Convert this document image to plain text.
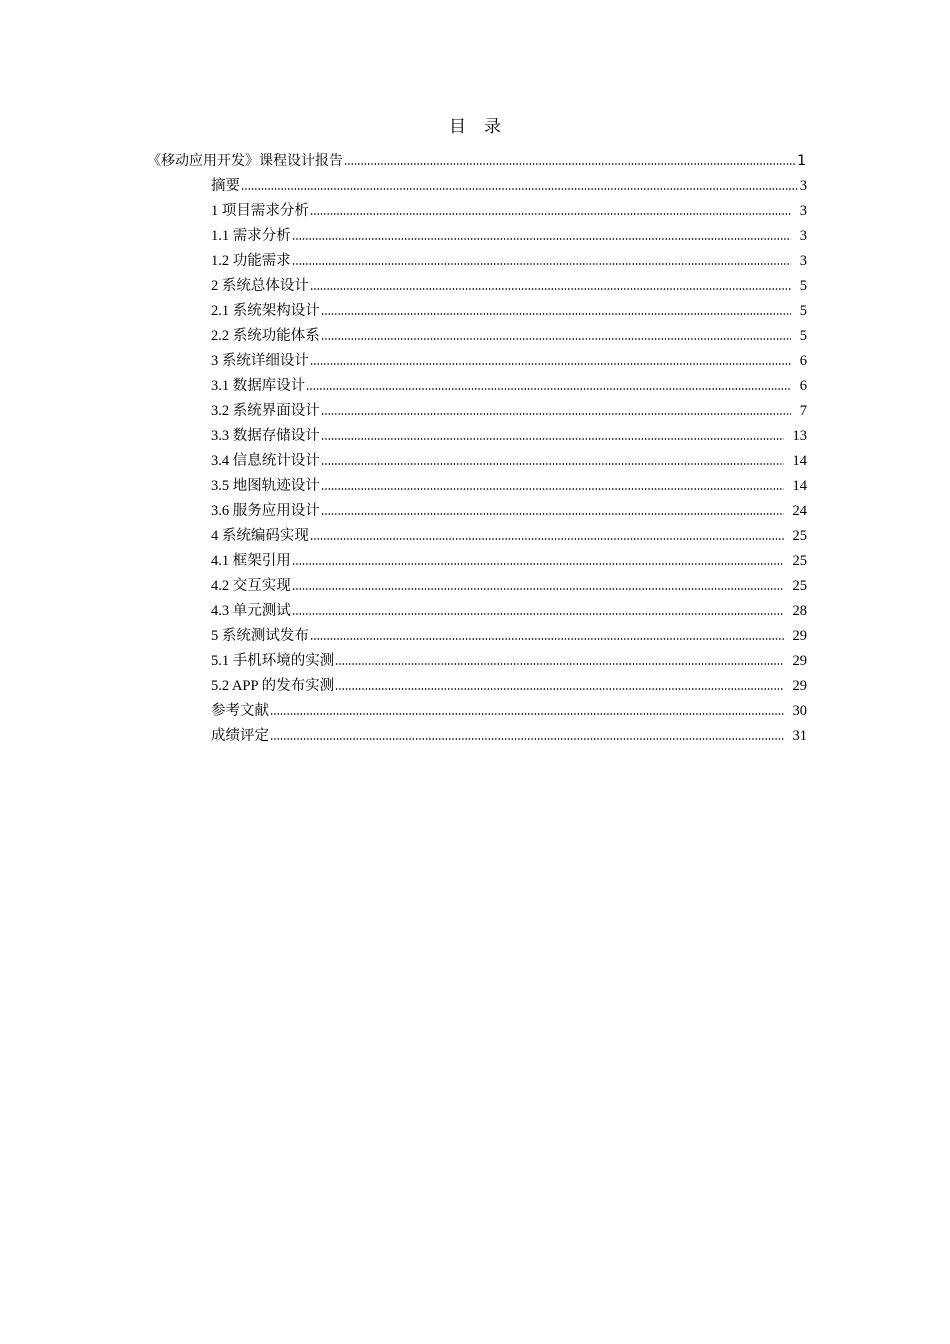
目 录
《移动应用开发》课程设计报告	1
摘要	3
1 项目需求分析	3
1.1 需求分析	3
1.2 功能需求	3
2 系统总体设计	5
2.1 系统架构设计	5
2.2 系统功能体系	5
3 系统详细设计	6
3.1 数据库设计	6
3.2 系统界面设计	7
3.3 数据存储设计	13
3.4 信息统计设计	14
3.5 地图轨迹设计	14
3.6 服务应用设计	24
4 系统编码实现	25
4.1 框架引用	25
4.2 交互实现	25
4.3 单元测试	28
5 系统测试发布	29
5.1 手机环境的实测	29
5.2 APP 的发布实测	29
参考文献	30
成绩评定	31
